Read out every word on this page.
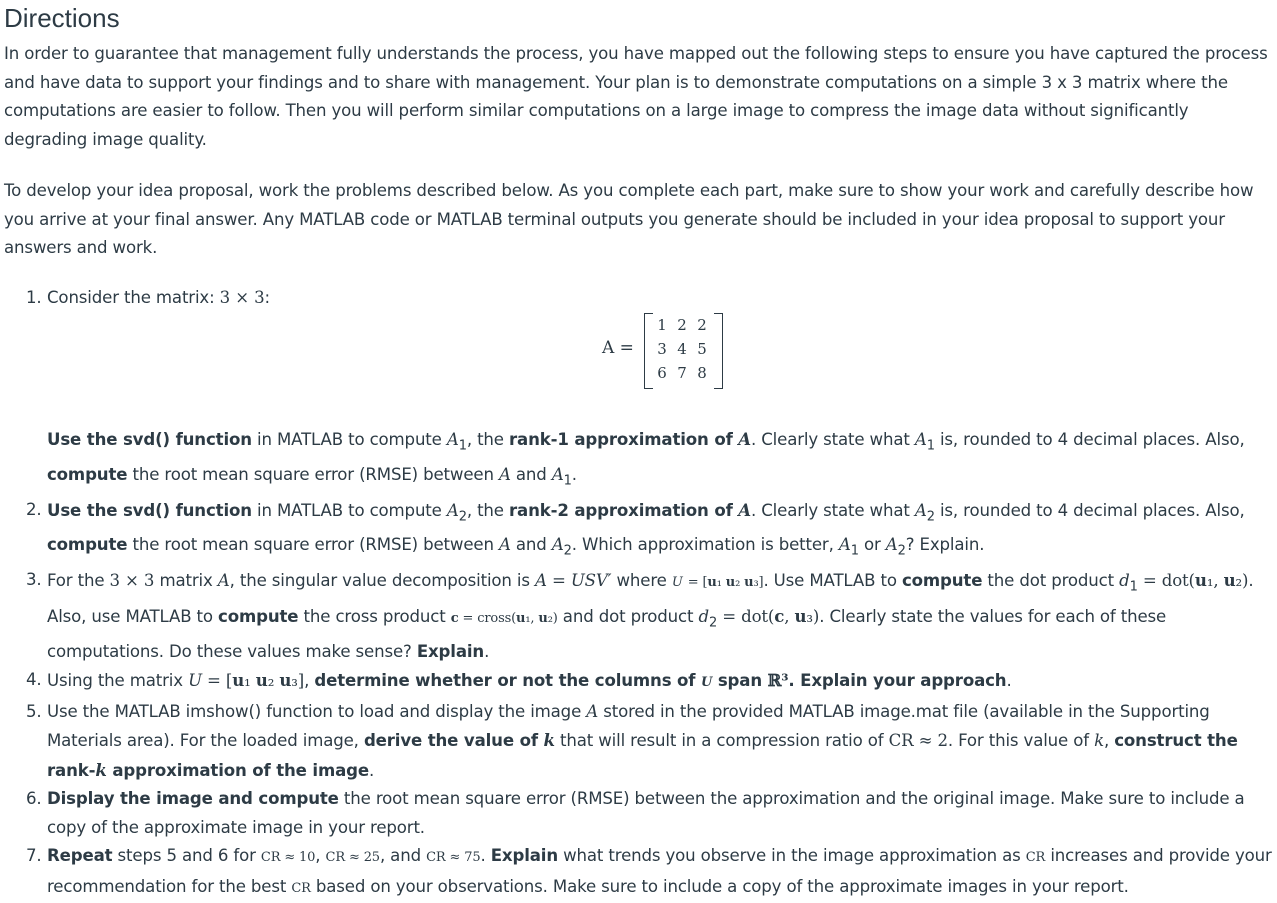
Directions

In order to guarantee that management fully understands the process, you have mapped out the following steps to ensure you have captured the process and have data to support your findings and to share with management. Your plan is to demonstrate computations on a simple 3 x 3 matrix where the computations are easier to follow. Then you will perform similar computations on a large image to compress the image data without significantly degrading image quality.

To develop your idea proposal, work the problems described below. As you complete each part, make sure to show your work and carefully describe how you arrive at your final answer. Any MATLAB code or MATLAB terminal outputs you generate should be included in your idea proposal to support your answers and work.

1. Consider the matrix: 3 × 3:
Use the svd() function in MATLAB to compute $A_1$, the rank-1 approximation of A. Clearly state what $A_1$ is, rounded to 4 decimal places. Also, compute the root mean square error (RMSE) between A and $A_1$.
2. Use the svd() function in MATLAB to compute $A_2$, the rank-2 approximation of A. Clearly state what $A_2$ is, rounded to 4 decimal places. Also, compute the root mean square error (RMSE) between A and $A_2$. Which approximation is better, $A_1$ or $A_2$? Explain.
3. For the 3 × 3 matrix A, the singular value decomposition is A = USV′ where U = [u₁ u₂ u₃]. Use MATLAB to compute the dot product $d_1 = dot(u_1$, u₂). Also, use MATLAB to compute the cross product c = cross(u₁, u₂) and dot product $d_2 = dot(c$, u₃). Clearly state the values for each of these computations. Do these values make sense? Explain.
4. Using the matrix U = [u₁ u₂ u₃], determine whether or not the columns of U span ℝ³. Explain your approach.
5. Use the MATLAB imshow() function to load and display the image A stored in the provided MATLAB image.mat file (available in the Supporting Materials area). For the loaded image, derive the value of k that will result in a compression ratio of CR ≈ 2. For this value of k, construct the rank-k approximation of the image.
6. Display the image and compute the root mean square error (RMSE) between the approximation and the original image. Make sure to include a copy of the approximate image in your report.
7. Repeat steps 5 and 6 for CR ≈ 10, CR ≈ 25, and CR ≈ 75. Explain what trends you observe in the image approximation as CR increases and provide your recommendation for the best CR based on your observations. Make sure to include a copy of the approximate images in your report.
A =
1	2	2
3	4	5
6	7	8
